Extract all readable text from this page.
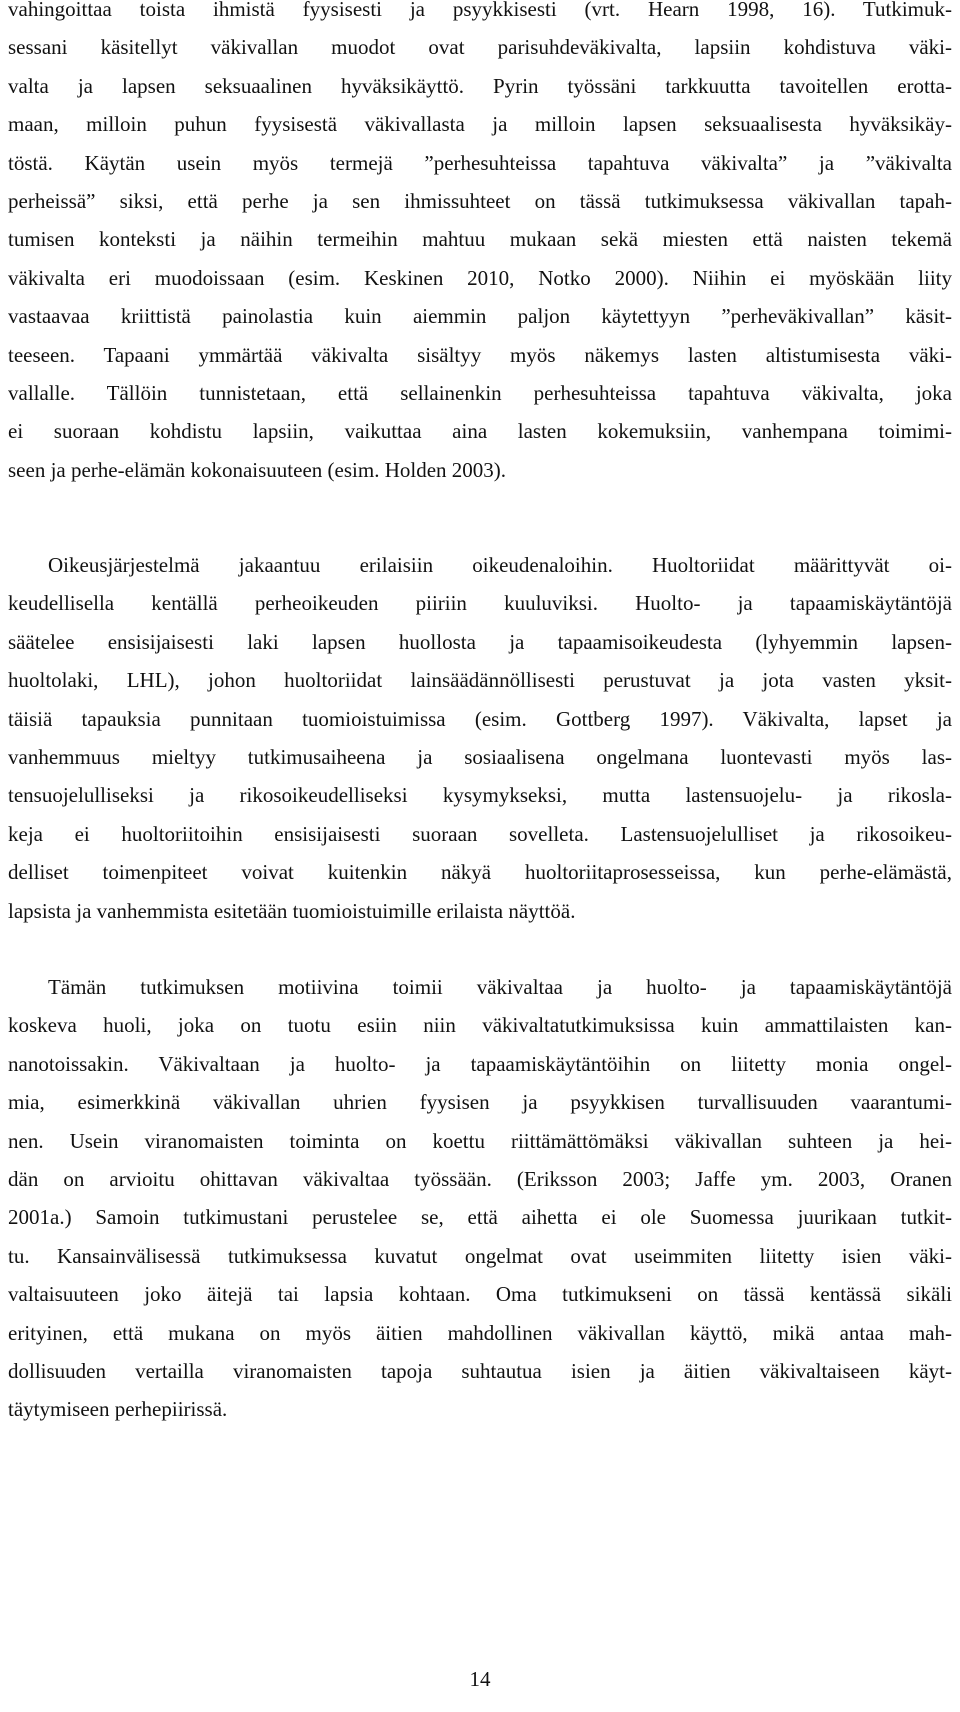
vahingoittaa toista ihmistä fyysisesti ja psyykkisesti (vrt. Hearn 1998, 16). Tutkimuk-
sessani käsitellyt väkivallan muodot ovat parisuhdeväkivalta, lapsiin kohdistuva väki-
valta ja lapsen seksuaalinen hyväksikäyttö. Pyrin työssäni tarkkuutta tavoitellen erotta-
maan, milloin puhun fyysisestä väkivallasta ja milloin lapsen seksuaalisesta hyväksikäy-
töstä. Käytän usein myös termejä ”perhesuhteissa tapahtuva väkivalta” ja ”väkivalta
perheissä” siksi, että perhe ja sen ihmissuhteet on tässä tutkimuksessa väkivallan tapah-
tumisen konteksti ja näihin termeihin mahtuu mukaan sekä miesten että naisten tekemä
väkivalta eri muodoissaan (esim. Keskinen 2010, Notko 2000). Niihin ei myöskään liity
vastaavaa kriittistä painolastia kuin aiemmin paljon käytettyyn ”perheväkivallan” käsit-
teeseen. Tapaani ymmärtää väkivalta sisältyy myös näkemys lasten altistumisesta väki-
vallalle. Tällöin tunnistetaan, että sellainenkin perhesuhteissa tapahtuva väkivalta, joka
ei suoraan kohdistu lapsiin, vaikuttaa aina lasten kokemuksiin, vanhempana toimimi-
seen ja perhe-elämän kokonaisuuteen (esim. Holden 2003).
Oikeusjärjestelmä jakaantuu erilaisiin oikeudenaloihin. Huoltoriidat määrittyvät oi-
keudellisella kentällä perheoikeuden piiriin kuuluviksi. Huolto- ja tapaamiskäytäntöjä
säätelee ensisijaisesti laki lapsen huollosta ja tapaamisoikeudesta (lyhyemmin lapsen-
huoltolaki, LHL), johon huoltoriidat lainsäädännöllisesti perustuvat ja jota vasten yksit-
täisiä tapauksia punnitaan tuomioistuimissa (esim. Gottberg 1997). Väkivalta, lapset ja
vanhemmuus mieltyy tutkimusaiheena ja sosiaalisena ongelmana luontevasti myös las-
tensuojelulliseksi ja rikosoikeudelliseksi kysymykseksi, mutta lastensuojelu- ja rikosla-
keja ei huoltoriitoihin ensisijaisesti suoraan sovelleta. Lastensuojelulliset ja rikosoikeu-
delliset toimenpiteet voivat kuitenkin näkyä huoltoriitaprosesseissa, kun perhe-elämästä,
lapsista ja vanhemmista esitetään tuomioistuimille erilaista näyttöä.
Tämän tutkimuksen motiivina toimii väkivaltaa ja huolto- ja tapaamiskäytäntöjä
koskeva huoli, joka on tuotu esiin niin väkivaltatutkimuksissa kuin ammattilaisten kan-
nanotoissakin. Väkivaltaan ja huolto- ja tapaamiskäytäntöihin on liitetty monia ongel-
mia, esimerkkinä väkivallan uhrien fyysisen ja psyykkisen turvallisuuden vaarantumi-
nen. Usein viranomaisten toiminta on koettu riittämättömäksi väkivallan suhteen ja hei-
dän on arvioitu ohittavan väkivaltaa työssään. (Eriksson 2003; Jaffe ym. 2003, Oranen
2001a.) Samoin tutkimustani perustelee se, että aihetta ei ole Suomessa juurikaan tutkit-
tu. Kansainvälisessä tutkimuksessa kuvatut ongelmat ovat useimmiten liitetty isien väki-
valtaisuuteen joko äitejä tai lapsia kohtaan. Oma tutkimukseni on tässä kentässä sikäli
erityinen, että mukana on myös äitien mahdollinen väkivallan käyttö, mikä antaa mah-
dollisuuden vertailla viranomaisten tapoja suhtautua isien ja äitien väkivaltaiseen käyt-
täytymiseen perhepiirissä.
14
